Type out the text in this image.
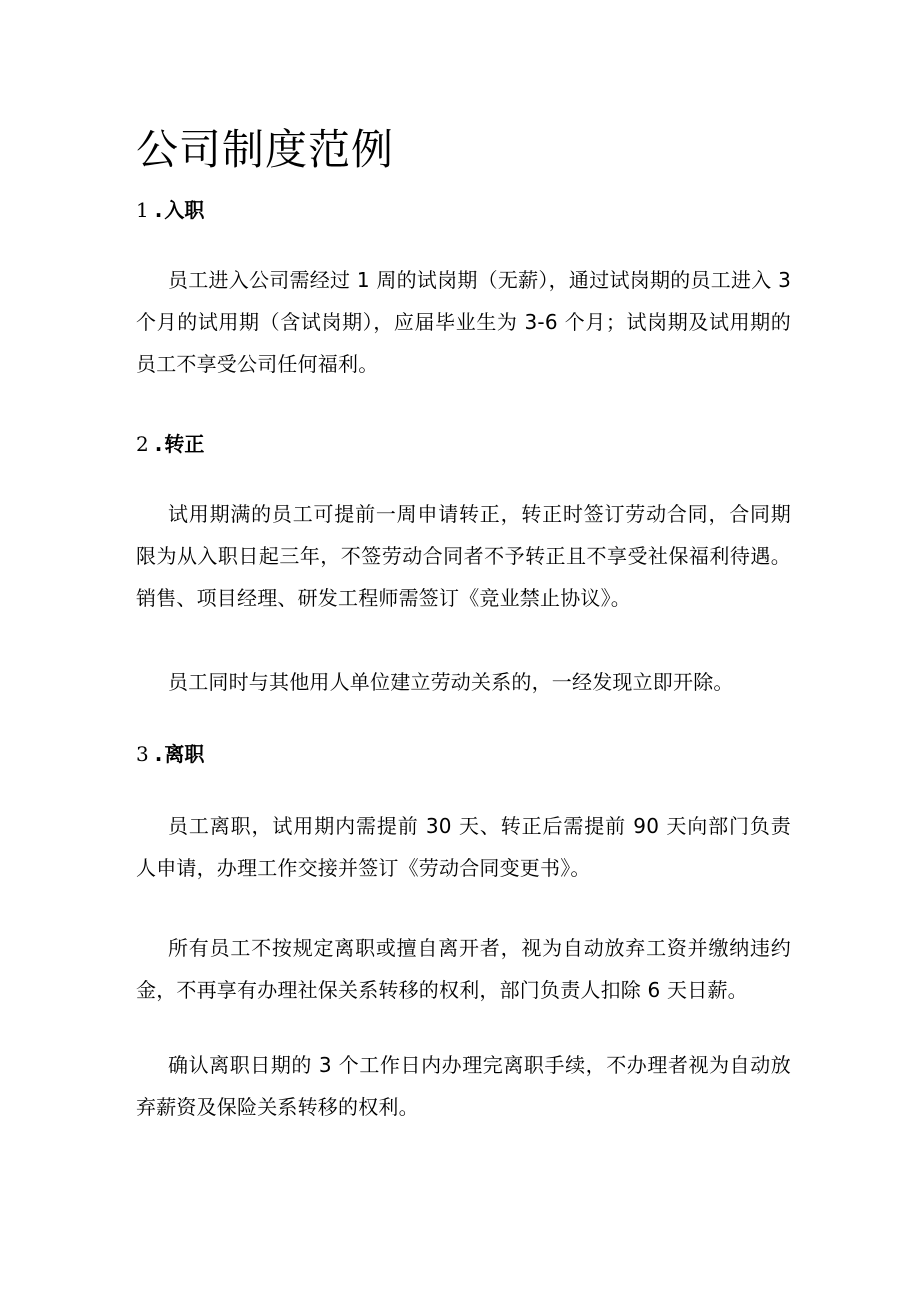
公司制度范例
1 . 入职

员工进入公司需经过 1 周的试岗期（无薪），通过试岗期的员工进入 3 个月的试用期（含试岗期），应届毕业生为 3-6 个月；试岗期及试用期的员工不享受公司任何福利。

2 . 转正

试用期满的员工可提前一周申请转正，转正时签订劳动合同，合同期限为从入职日起三年，不签劳动合同者不予转正且不享受社保福利待遇。销售、项目经理、研发工程师需签订《竞业禁止协议》。

员工同时与其他用人单位建立劳动关系的，一经发现立即开除。

3 . 离职

员工离职，试用期内需提前 30 天、转正后需提前 90 天向部门负责人申请，办理工作交接并签订《劳动合同变更书》。

所有员工不按规定离职或擅自离开者，视为自动放弃工资并缴纳违约金，不再享有办理社保关系转移的权利，部门负责人扣除 6 天日薪。

确认离职日期的 3 个工作日内办理完离职手续，不办理者视为自动放弃薪资及保险关系转移的权利。
